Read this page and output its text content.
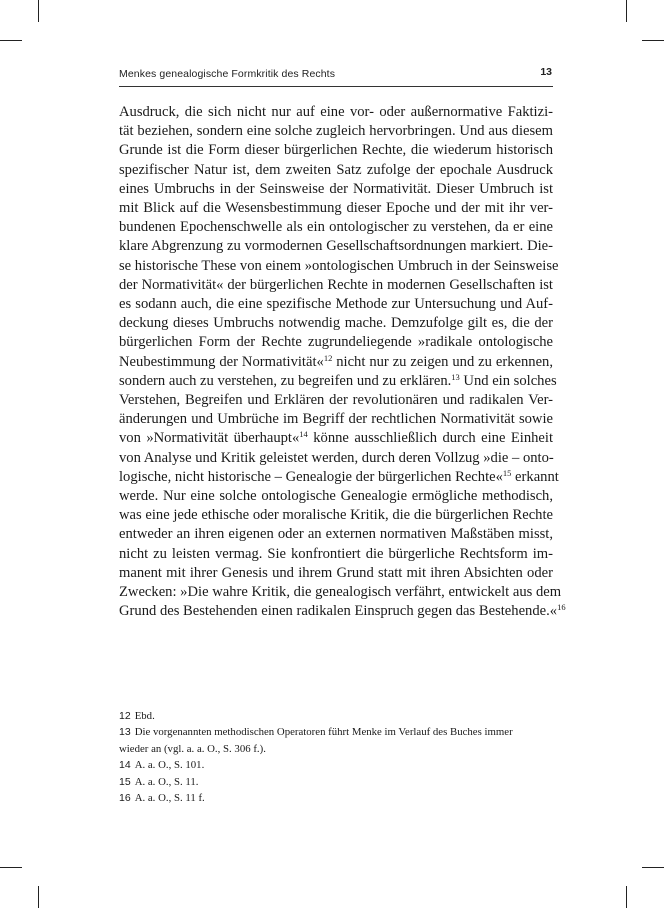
Menkes genealogische Formkritik des Rechts	13
Ausdruck, die sich nicht nur auf eine vor- oder außernormative Faktizi-
tät beziehen, sondern eine solche zugleich hervorbringen. Und aus diesem
Grunde ist die Form dieser bürgerlichen Rechte, die wiederum historisch
spezifischer Natur ist, dem zweiten Satz zufolge der epochale Ausdruck
eines Umbruchs in der Seinsweise der Normativität. Dieser Umbruch ist
mit Blick auf die Wesensbestimmung dieser Epoche und der mit ihr ver-
bundenen Epochenschwelle als ein ontologischer zu verstehen, da er eine
klare Abgrenzung zu vormodernen Gesellschaftsordnungen markiert. Die-
se historische These von einem »ontologischen Umbruch in der Seinsweise
der Normativität« der bürgerlichen Rechte in modernen Gesellschaften ist
es sodann auch, die eine spezifische Methode zur Untersuchung und Auf-
deckung dieses Umbruchs notwendig mache. Demzufolge gilt es, die der
bürgerlichen Form der Rechte zugrundeliegende »radikale ontologische
Neubestimmung der Normativität«$^{12}$ nicht nur zu zeigen und zu erkennen,
sondern auch zu verstehen, zu begreifen und zu erklären.$^{13}$ Und ein solches
Verstehen, Begreifen und Erklären der revolutionären und radikalen Ver-
änderungen und Umbrüche im Begriff der rechtlichen Normativität sowie
von »Normativität überhaupt«$^{14}$ könne ausschließlich durch eine Einheit
von Analyse und Kritik geleistet werden, durch deren Vollzug »die – onto-
logische, nicht historische – Genealogie der bürgerlichen Rechte«$^{15}$ erkannt
werde. Nur eine solche ontologische Genealogie ermögliche methodisch,
was eine jede ethische oder moralische Kritik, die die bürgerlichen Rechte
entweder an ihren eigenen oder an externen normativen Maßstäben misst,
nicht zu leisten vermag. Sie konfrontiert die bürgerliche Rechtsform im-
manent mit ihrer Genesis und ihrem Grund statt mit ihren Absichten oder
Zwecken: »Die wahre Kritik, die genealogisch verfährt, entwickelt aus dem
Grund des Bestehenden einen radikalen Einspruch gegen das Bestehende.«$^{16}$
12 Ebd.
13 Die vorgenannten methodischen Operatoren führt Menke im Verlauf des Buches immer
wieder an (vgl. a. a. O., S. 306 f.).
14 A. a. O., S. 101.
15 A. a. O., S. 11.
16 A. a. O., S. 11 f.
